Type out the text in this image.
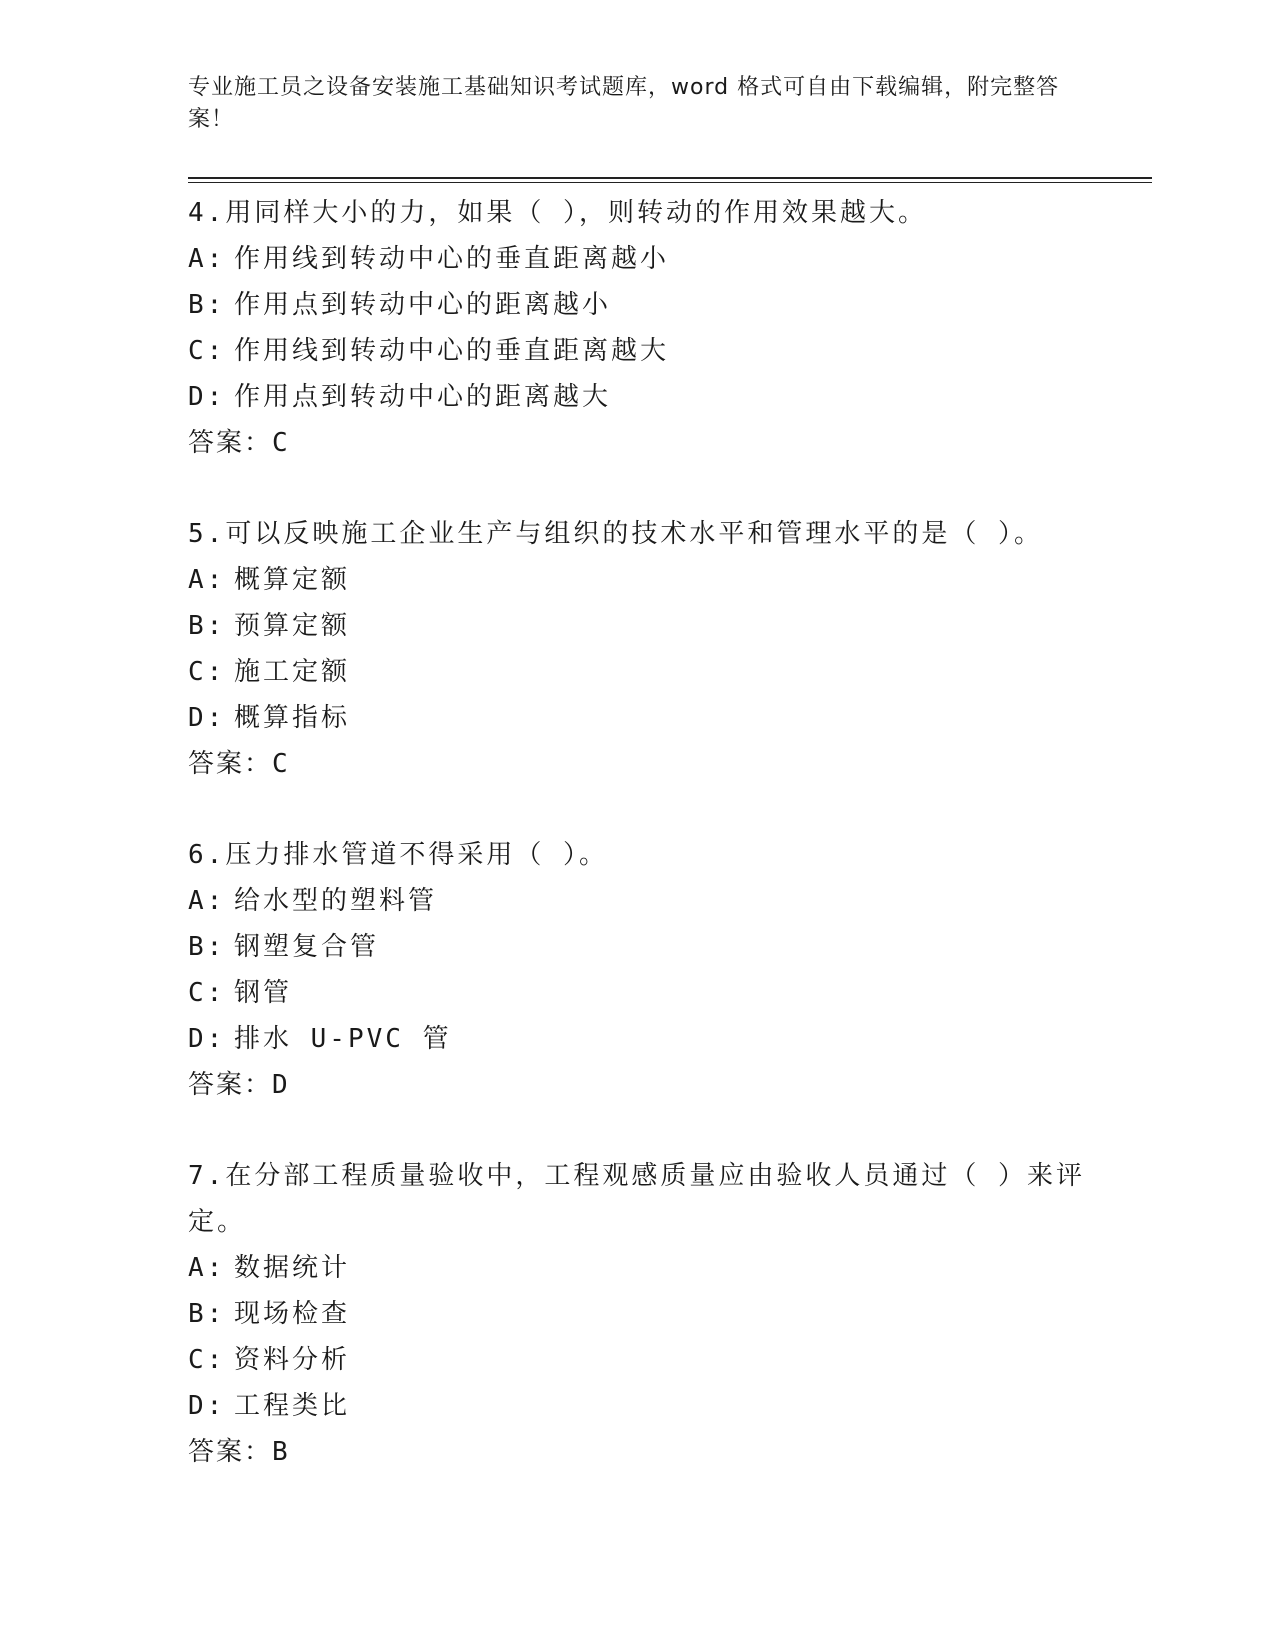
专业施工员之设备安装施工基础知识考试题库，word 格式可自由下载编辑，附完整答案！
4.用同样大小的力，如果（ ），则转动的作用效果越大。
A: 作用线到转动中心的垂直距离越小
B: 作用点到转动中心的距离越小
C: 作用线到转动中心的垂直距离越大
D: 作用点到转动中心的距离越大
答案：C
5.可以反映施工企业生产与组织的技术水平和管理水平的是（ ）。
A: 概算定额
B: 预算定额
C: 施工定额
D: 概算指标
答案：C
6.压力排水管道不得采用（ ）。
A: 给水型的塑料管
B: 钢塑复合管
C: 钢管
D: 排水 U-PVC 管
答案：D
7.在分部工程质量验收中，工程观感质量应由验收人员通过（ ）来评定。
A: 数据统计
B: 现场检查
C: 资料分析
D: 工程类比
答案：B
